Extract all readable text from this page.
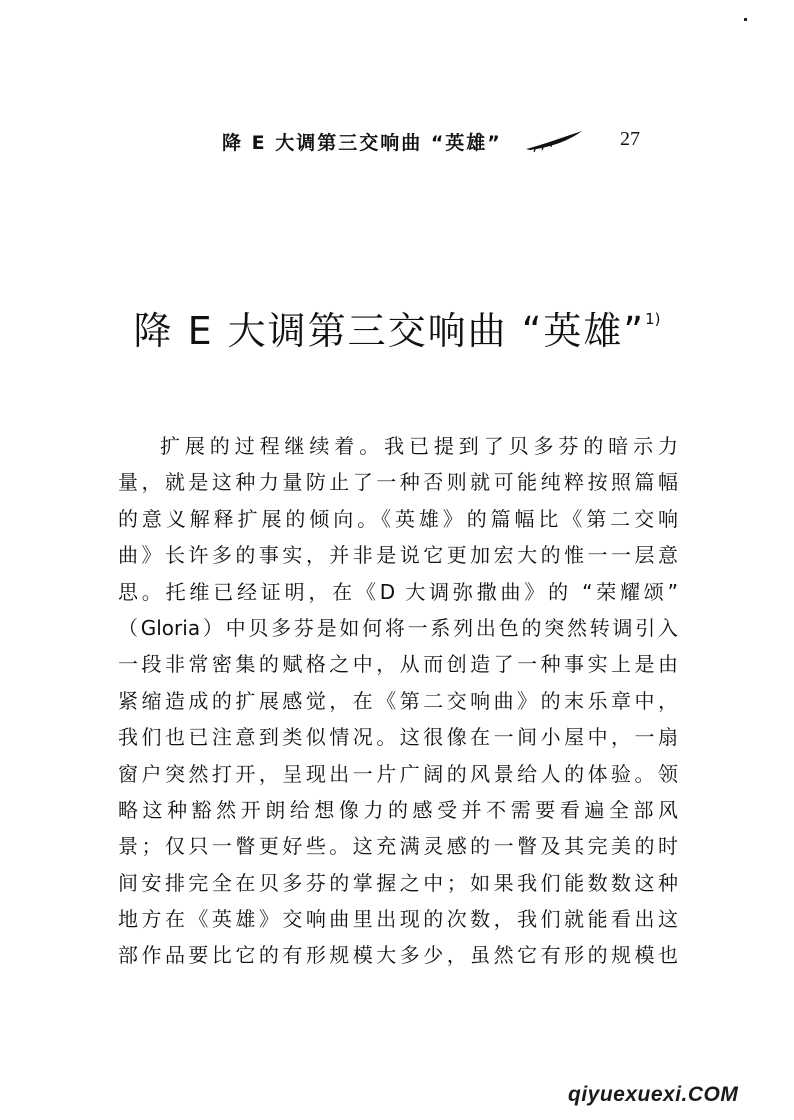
降 E 大调第三交响曲 “英雄”	27
降 E 大调第三交响曲 “英雄”$^{1)}$
扩展的过程继续着。我已提到了贝多芬的暗示力
量，就是这种力量防止了一种否则就可能纯粹按照篇幅
的意义解释扩展的倾向。《英雄》的篇幅比《第二交响
曲》长许多的事实，并非是说它更加宏大的惟一一层意
思。托维已经证明，在《D 大调弥撒曲》的 “荣耀颂”
（Gloria）中贝多芬是如何将一系列出色的突然转调引入
一段非常密集的赋格之中，从而创造了一种事实上是由
紧缩造成的扩展感觉，在《第二交响曲》的末乐章中，
我们也已注意到类似情况。这很像在一间小屋中，一扇
窗户突然打开，呈现出一片广阔的风景给人的体验。领
略这种豁然开朗给想像力的感受并不需要看遍全部风
景；仅只一瞥更好些。这充满灵感的一瞥及其完美的时
间安排完全在贝多芬的掌握之中；如果我们能数数这种
地方在《英雄》交响曲里出现的次数，我们就能看出这
部作品要比它的有形规模大多少，虽然它有形的规模也
qiyuexuexi.COM
